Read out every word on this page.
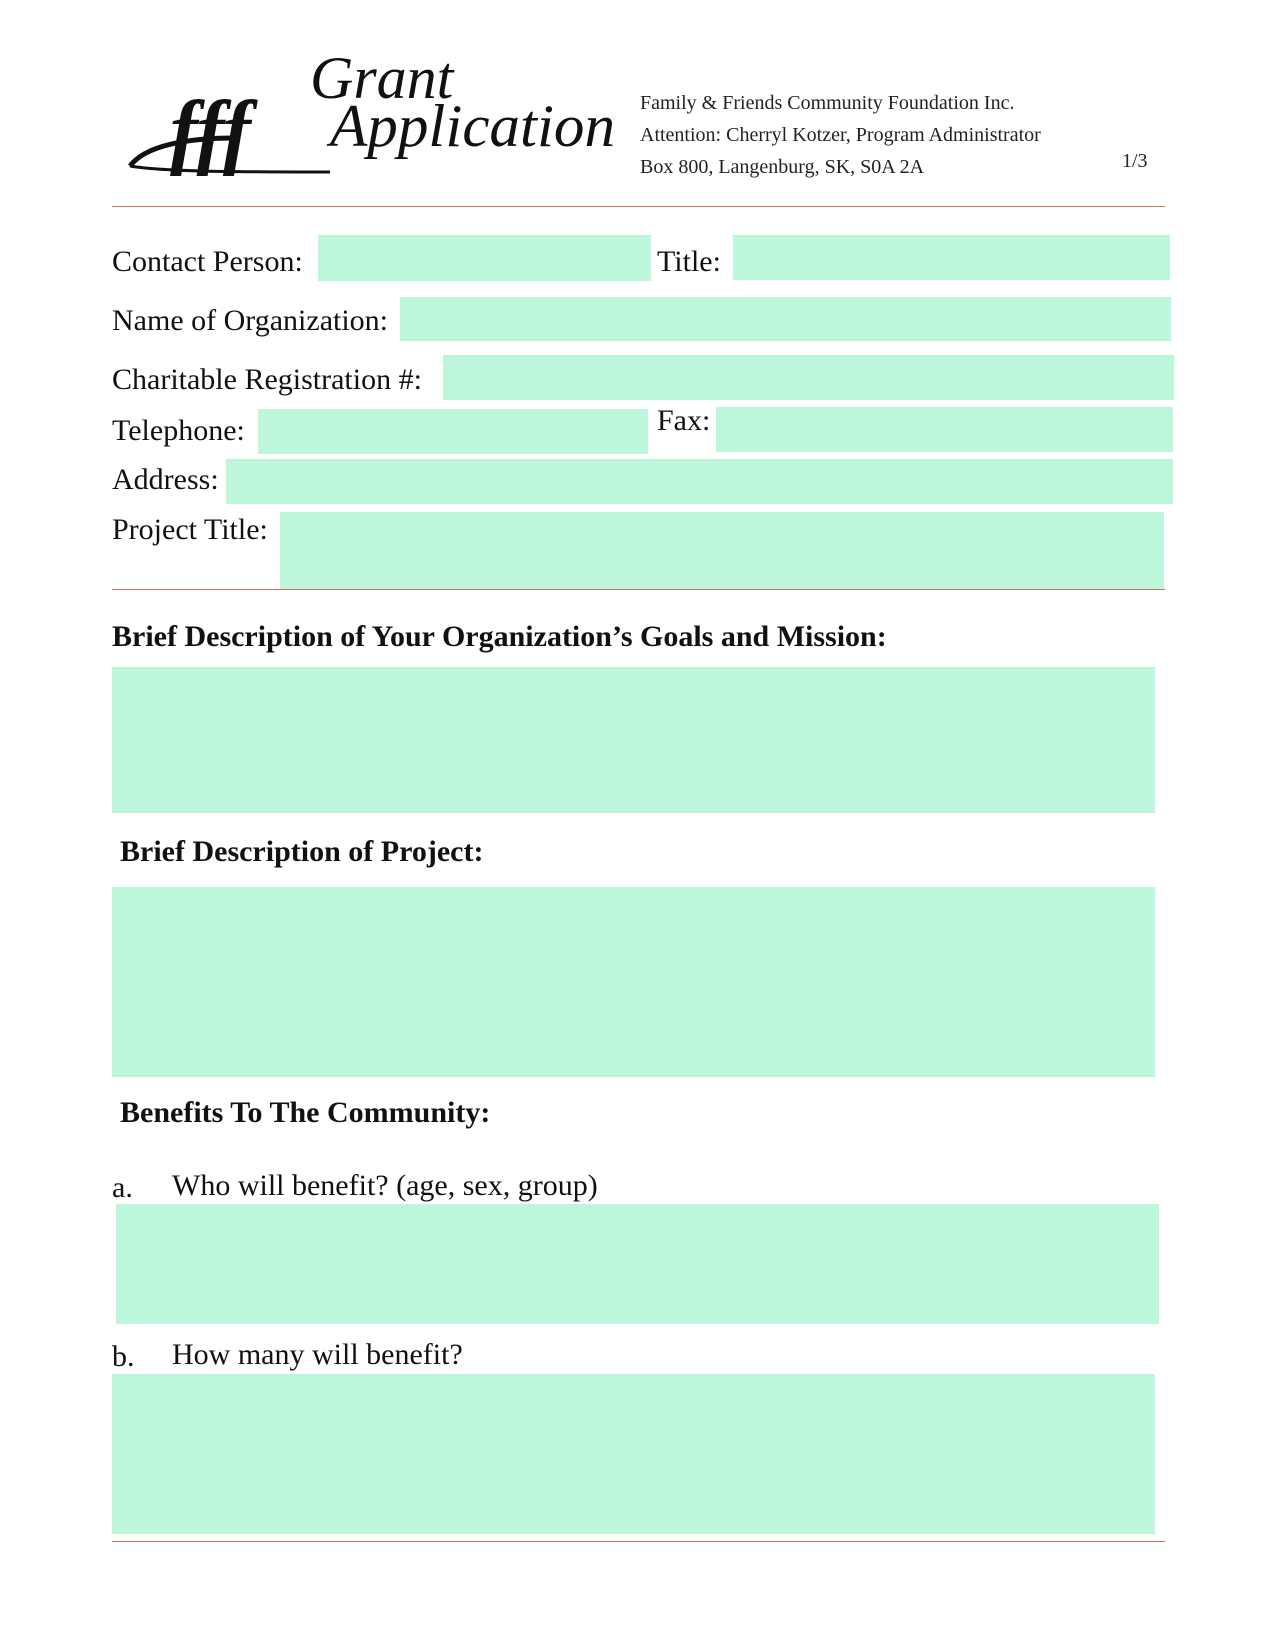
fff
Grant
Application Family & Friends Community Foundation Inc.
Attention: Cherryl Kotzer, Program Administrator
Box 800, Langenburg, SK, S0A 2A	1/3
Contact Person:	Title:
Name of Organization:
Charitable Registration #:
Telephone:	Fax:
Address:
Project Title:
Brief Description of Your Organization’s Goals and Mission:
Brief Description of Project:
Benefits To The Community:
a. Who will benefit? (age, sex, group)
b. How many will benefit?
